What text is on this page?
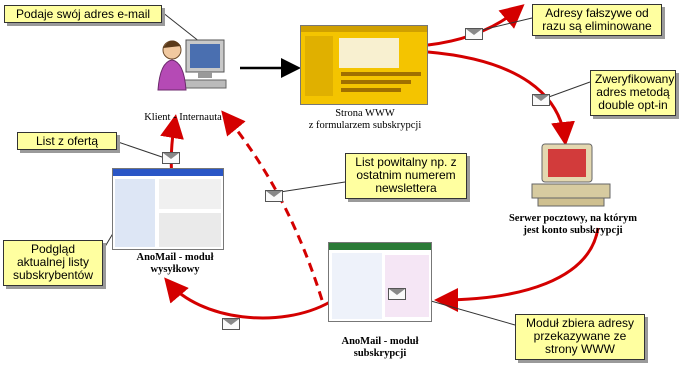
Podaje swój adres e-mail	Adresy fałszywe od razu są eliminowane
Zweryfikowany adres metodą double opt-in
List z ofertą
List powitalny np. z ostatnim numerem newslettera
Podgląd aktualnej listy subskrybentów
Moduł zbiera adresy przekazywane ze strony WWW
Klient - Internauta	Strona WWW
z formularzem subskrypcji
Serwer pocztowy, na którym
jest konto subskrypcji
AnoMail - moduł
wysyłkowy
AnoMail - moduł
subskrypcji
